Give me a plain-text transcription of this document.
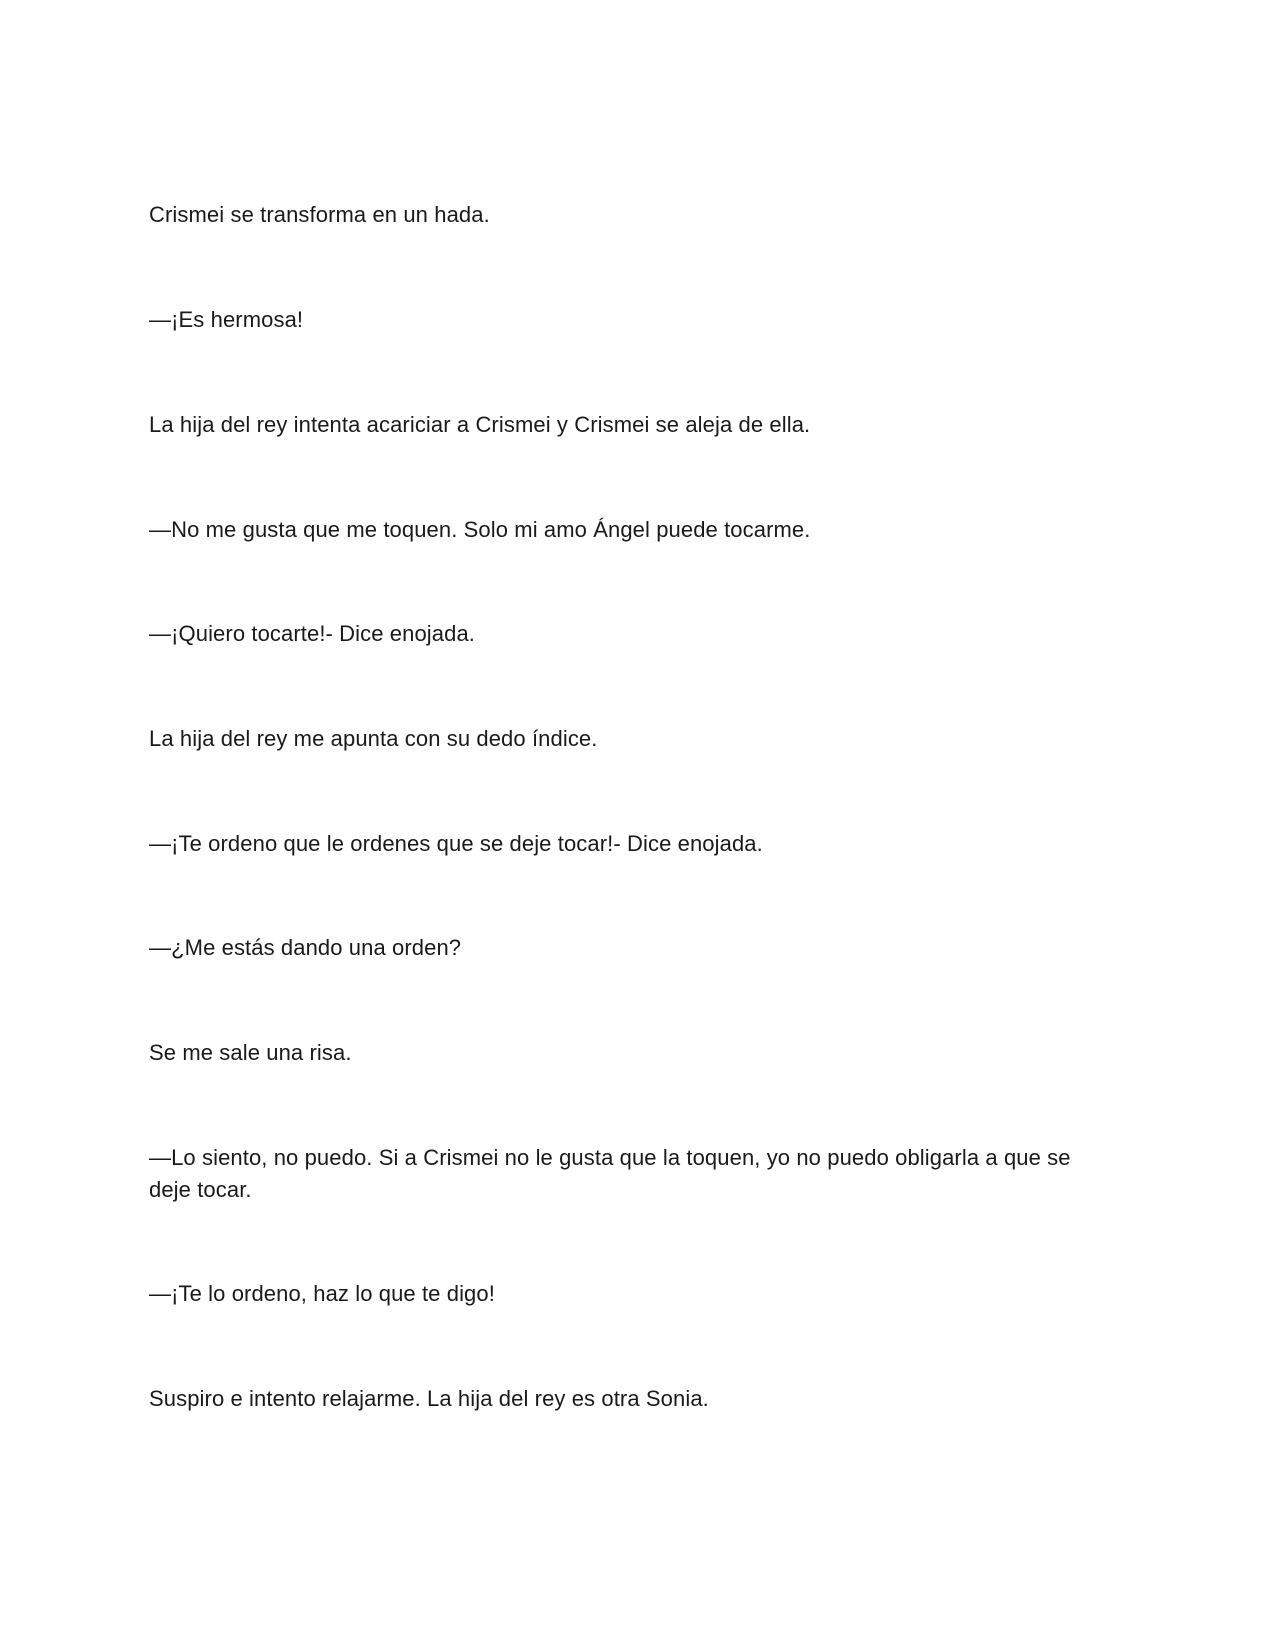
Crismei se transforma en un hada.

—¡Es hermosa!

La hija del rey intenta acariciar a Crismei y Crismei se aleja de ella.

—No me gusta que me toquen. Solo mi amo Ángel puede tocarme.

—¡Quiero tocarte!- Dice enojada.

La hija del rey me apunta con su dedo índice.

—¡Te ordeno que le ordenes que se deje tocar!- Dice enojada.

—¿Me estás dando una orden?

Se me sale una risa.

—Lo siento, no puedo. Si a Crismei no le gusta que la toquen, yo no puedo obligarla a que se deje tocar.

—¡Te lo ordeno, haz lo que te digo!

Suspiro e intento relajarme. La hija del rey es otra Sonia.
